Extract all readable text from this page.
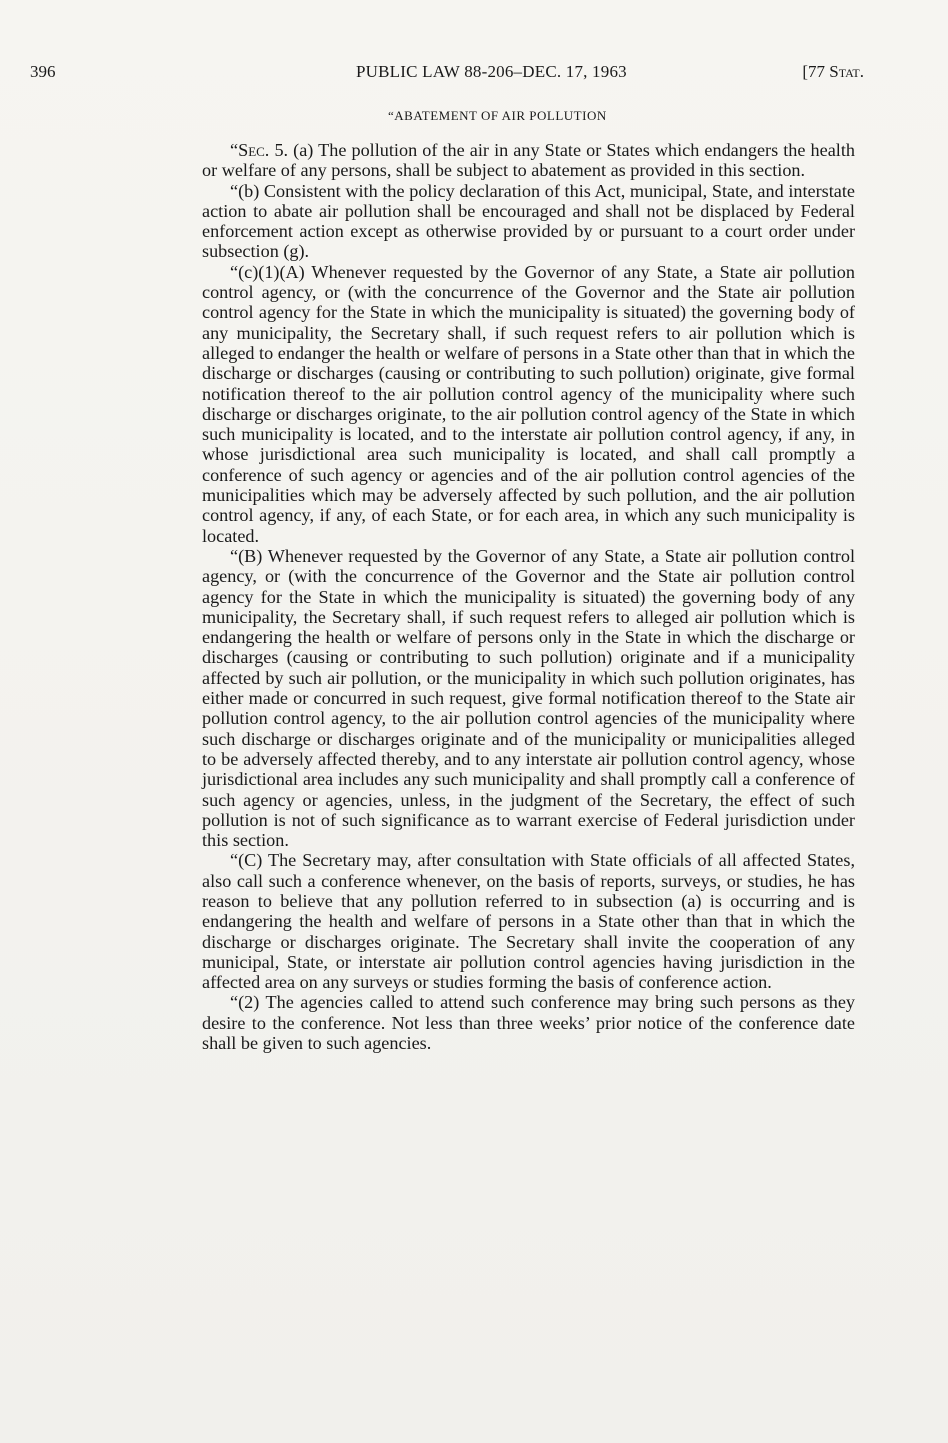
396	PUBLIC LAW 88-206–DEC. 17, 1963	[77 Stat.
“ABATEMENT OF AIR POLLUTION

“Sec. 5. (a) The pollution of the air in any State or States which endangers the health or welfare of any persons, shall be subject to abatement as provided in this section.

“(b) Consistent with the policy declaration of this Act, municipal, State, and interstate action to abate air pollution shall be encouraged and shall not be displaced by Federal enforcement action except as otherwise provided by or pursuant to a court order under subsection (g).

“(c)(1)(A) Whenever requested by the Governor of any State, a State air pollution control agency, or (with the concurrence of the Governor and the State air pollution control agency for the State in which the municipality is situated) the governing body of any municipality, the Secretary shall, if such request refers to air pollution which is alleged to endanger the health or welfare of persons in a State other than that in which the discharge or discharges (causing or contributing to such pollution) originate, give formal notification thereof to the air pollution control agency of the municipality where such discharge or discharges originate, to the air pollution control agency of the State in which such municipality is located, and to the interstate air pollution control agency, if any, in whose jurisdictional area such municipality is located, and shall call promptly a conference of such agency or agencies and of the air pollution control agencies of the municipalities which may be adversely affected by such pollution, and the air pollution control agency, if any, of each State, or for each area, in which any such municipality is located.

“(B) Whenever requested by the Governor of any State, a State air pollution control agency, or (with the concurrence of the Governor and the State air pollution control agency for the State in which the municipality is situated) the governing body of any municipality, the Secretary shall, if such request refers to alleged air pollution which is endangering the health or welfare of persons only in the State in which the discharge or discharges (causing or contributing to such pollution) originate and if a municipality affected by such air pollution, or the municipality in which such pollution originates, has either made or concurred in such request, give formal notification thereof to the State air pollution control agency, to the air pollution control agencies of the municipality where such discharge or discharges originate and of the municipality or municipalities alleged to be adversely affected thereby, and to any interstate air pollution control agency, whose jurisdictional area includes any such municipality and shall promptly call a conference of such agency or agencies, unless, in the judgment of the Secretary, the effect of such pollution is not of such significance as to warrant exercise of Federal jurisdiction under this section.

“(C) The Secretary may, after consultation with State officials of all affected States, also call such a conference whenever, on the basis of reports, surveys, or studies, he has reason to believe that any pollution referred to in subsection (a) is occurring and is endangering the health and welfare of persons in a State other than that in which the discharge or discharges originate. The Secretary shall invite the cooperation of any municipal, State, or interstate air pollution control agencies having jurisdiction in the affected area on any surveys or studies forming the basis of conference action.

“(2) The agencies called to attend such conference may bring such persons as they desire to the conference. Not less than three weeks’ prior notice of the conference date shall be given to such agencies.
